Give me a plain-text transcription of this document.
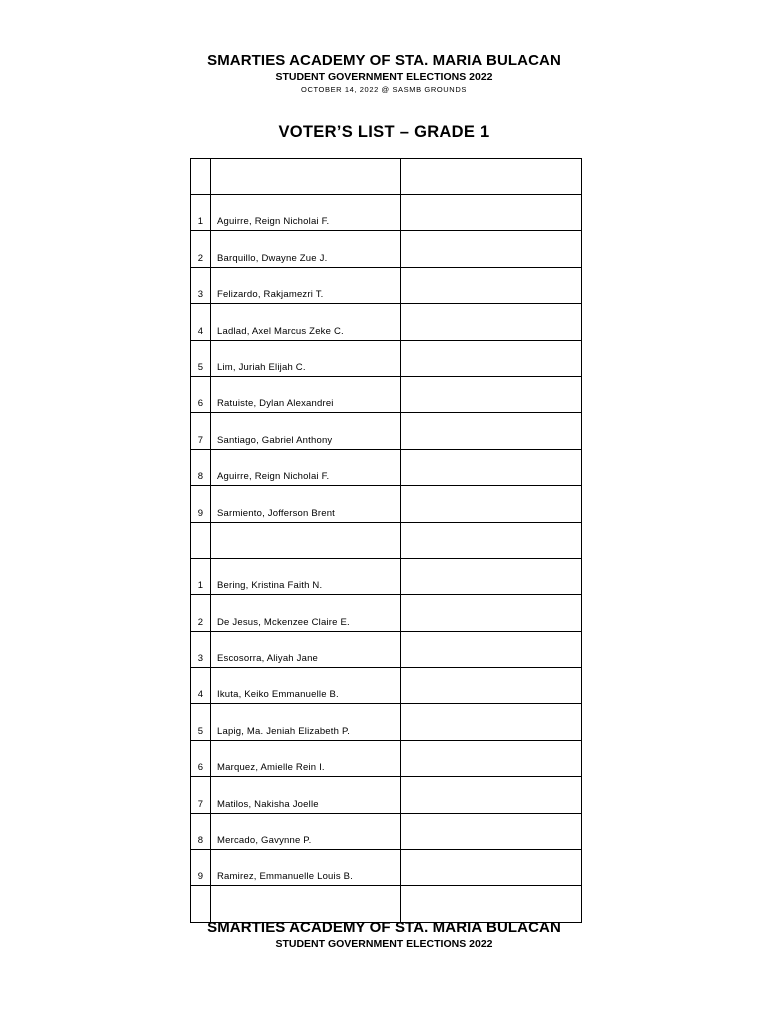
SMARTIES ACADEMY OF STA. MARIA BULACAN
STUDENT GOVERNMENT ELECTIONS 2022
OCTOBER 14, 2022 @ SASMB GROUNDS
VOTER’S LIST – GRADE 1

1	Aguirre, Reign Nicholai F.	
2	Barquillo, Dwayne Zue J.	
3	Felizardo, Rakjamezri T.	
4	Ladlad, Axel Marcus Zeke C.	
5	Lim, Juriah Elijah C.	
6	Ratuiste, Dylan Alexandrei	
7	Santiago, Gabriel Anthony	
8	Aguirre, Reign Nicholai F.	
9	Sarmiento, Jofferson Brent	

1	Bering, Kristina Faith N.	
2	De Jesus, Mckenzee Claire E.	
3	Escosorra, Aliyah Jane	
4	Ikuta, Keiko Emmanuelle B.	
5	Lapig, Ma. Jeniah Elizabeth P.	
6	Marquez, Amielle Rein I.	
7	Matilos, Nakisha Joelle	
8	Mercado, Gavynne P.	
9	Ramirez, Emmanuelle Louis B.	

SMARTIES ACADEMY OF STA. MARIA BULACAN
STUDENT GOVERNMENT ELECTIONS 2022
